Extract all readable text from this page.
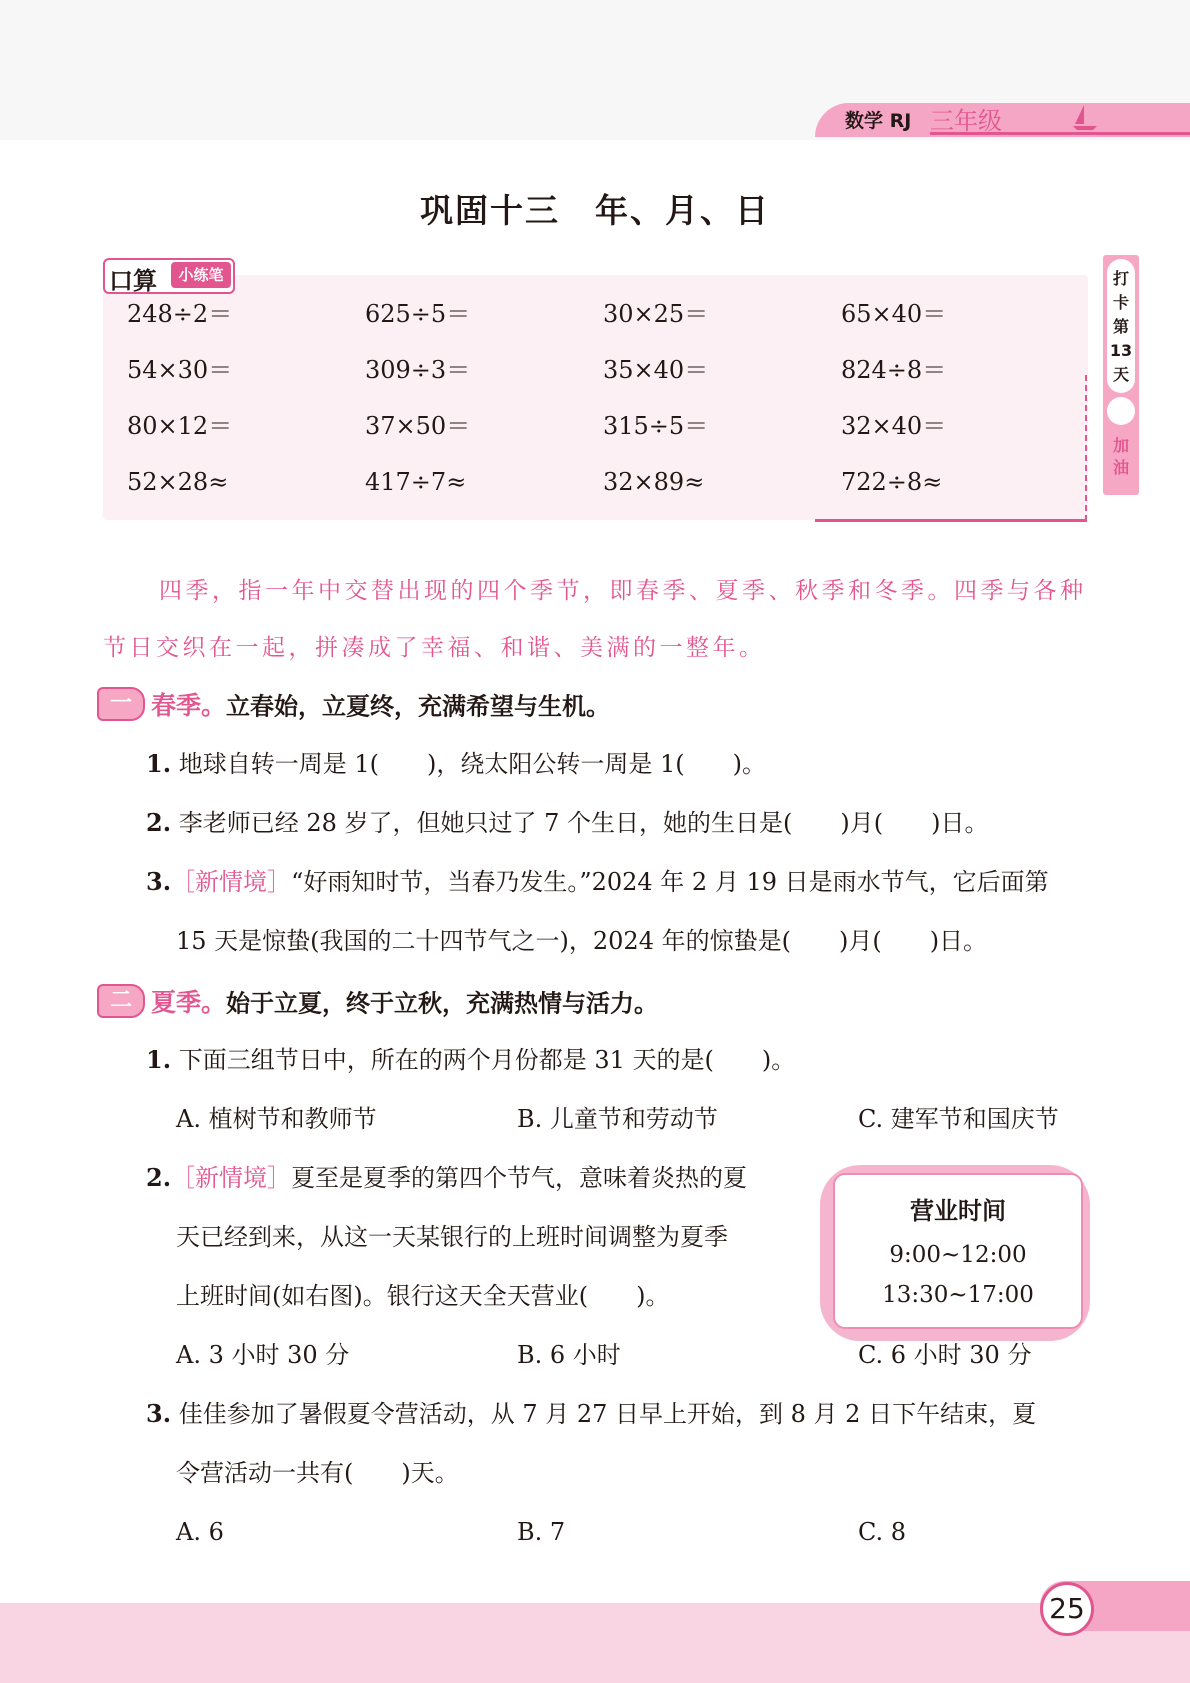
数学 RJ 三年级
巩固十三　年、月、日
口算	小练笔
248÷2＝	625÷5＝	30×25＝	65×40＝
54×30＝	309÷3＝	35×40＝	824÷8＝
80×12＝	37×50＝	315÷5＝	32×40＝
52×28≈	417÷7≈	32×89≈	722÷8≈
打
卡
第
13
天
加
油
四季，指一年中交替出现的四个季节，即春季、夏季、秋季和冬季。四季与各种节日交织在一起，拼凑成了幸福、和谐、美满的一整年。
一 春季。立春始，立夏终，充满希望与生机。
1. 地球自转一周是 1(　　)，绕太阳公转一周是 1(　　)。
2. 李老师已经 28 岁了，但她只过了 7 个生日，她的生日是(　　)月(　　)日。
3.［新情境］“好雨知时节，当春乃发生。”2024 年 2 月 19 日是雨水节气，它后面第
15 天是惊蛰(我国的二十四节气之一)，2024 年的惊蛰是(　　)月(　　)日。
二 夏季。始于立夏，终于立秋，充满热情与活力。
1. 下面三组节日中，所在的两个月份都是 31 天的是(　　)。
A. 植树节和教师节	B. 儿童节和劳动节	C. 建军节和国庆节
2.［新情境］夏至是夏季的第四个节气，意味着炎热的夏
天已经到来，从这一天某银行的上班时间调整为夏季
上班时间(如右图)。银行这天全天营业(　　)。
A. 3 小时 30 分	B. 6 小时	C. 6 小时 30 分
营业时间
9:00~12:00
13:30~17:00
3. 佳佳参加了暑假夏令营活动，从 7 月 27 日早上开始，到 8 月 2 日下午结束，夏
令营活动一共有(　　)天。
A. 6	B. 7	C. 8
25
